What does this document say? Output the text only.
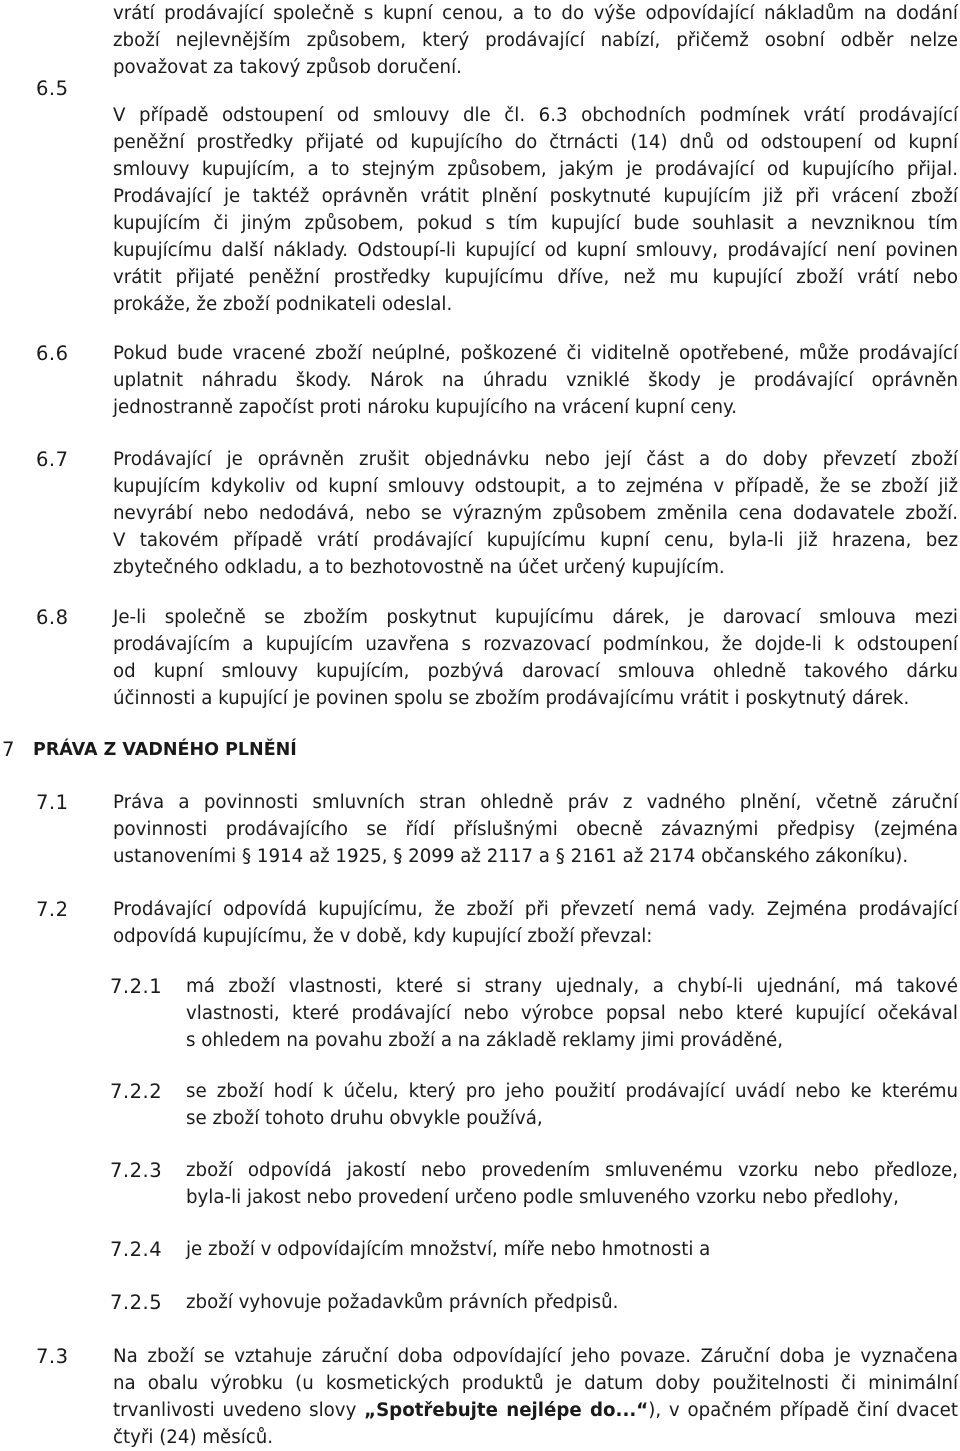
vrátí prodávající společně s kupní cenou, a to do výše odpovídající nákladům na dodání
zboží nejlevnějším způsobem, který prodávající nabízí, přičemž osobní odběr nelze
považovat za takový způsob doručení.
6.5
V případě odstoupení od smlouvy dle čl. 6.3 obchodních podmínek vrátí prodávající
peněžní prostředky přijaté od kupujícího do čtrnácti (14) dnů od odstoupení od kupní
smlouvy kupujícím, a to stejným způsobem, jakým je prodávající od kupujícího přijal.
Prodávající je taktéž oprávněn vrátit plnění poskytnuté kupujícím již při vrácení zboží
kupujícím či jiným způsobem, pokud s tím kupující bude souhlasit a nevzniknou tím
kupujícímu další náklady. Odstoupí-li kupující od kupní smlouvy, prodávající není povinen
vrátit přijaté peněžní prostředky kupujícímu dříve, než mu kupující zboží vrátí nebo
prokáže, že zboží podnikateli odeslal.
6.6 Pokud bude vracené zboží neúplné, poškozené či viditelně opotřebené, může prodávající
uplatnit náhradu škody. Nárok na úhradu vzniklé škody je prodávající oprávněn
jednostranně započíst proti nároku kupujícího na vrácení kupní ceny.
6.7 Prodávající je oprávněn zrušit objednávku nebo její část a do doby převzetí zboží
kupujícím kdykoliv od kupní smlouvy odstoupit, a to zejména v případě, že se zboží již
nevyrábí nebo nedodává, nebo se výrazným způsobem změnila cena dodavatele zboží.
V takovém případě vrátí prodávající kupujícímu kupní cenu, byla-li již hrazena, bez
zbytečného odkladu, a to bezhotovostně na účet určený kupujícím.
6.8 Je-li společně se zbožím poskytnut kupujícímu dárek, je darovací smlouva mezi
prodávajícím a kupujícím uzavřena s rozvazovací podmínkou, že dojde-li k odstoupení
od kupní smlouvy kupujícím, pozbývá darovací smlouva ohledně takového dárku
účinnosti a kupující je povinen spolu se zbožím prodávajícímu vrátit i poskytnutý dárek.
7 PRÁVA Z VADNÉHO PLNĚNÍ
7.1 Práva a povinnosti smluvních stran ohledně práv z vadného plnění, včetně záruční
povinnosti prodávajícího se řídí příslušnými obecně závaznými předpisy (zejména
ustanoveními § 1914 až 1925, § 2099 až 2117 a § 2161 až 2174 občanského zákoníku).
7.2 Prodávající odpovídá kupujícímu, že zboží při převzetí nemá vady. Zejména prodávající
odpovídá kupujícímu, že v době, kdy kupující zboží převzal:
7.2.1 má zboží vlastnosti, které si strany ujednaly, a chybí-li ujednání, má takové
vlastnosti, které prodávající nebo výrobce popsal nebo které kupující očekával
s ohledem na povahu zboží a na základě reklamy jimi prováděné,
7.2.2 se zboží hodí k účelu, který pro jeho použití prodávající uvádí nebo ke kterému
se zboží tohoto druhu obvykle používá,
7.2.3 zboží odpovídá jakostí nebo provedením smluvenému vzorku nebo předloze,
byla-li jakost nebo provedení určeno podle smluveného vzorku nebo předlohy,
7.2.4 je zboží v odpovídajícím množství, míře nebo hmotnosti a
7.2.5 zboží vyhovuje požadavkům právních předpisů.
7.3 Na zboží se vztahuje záruční doba odpovídající jeho povaze. Záruční doba je vyznačena
na obalu výrobku (u kosmetických produktů je datum doby použitelnosti či minimální
trvanlivosti uvedeno slovy „Spotřebujte nejlépe do...“), v opačném případě činí dvacet
čtyři (24) měsíců.
